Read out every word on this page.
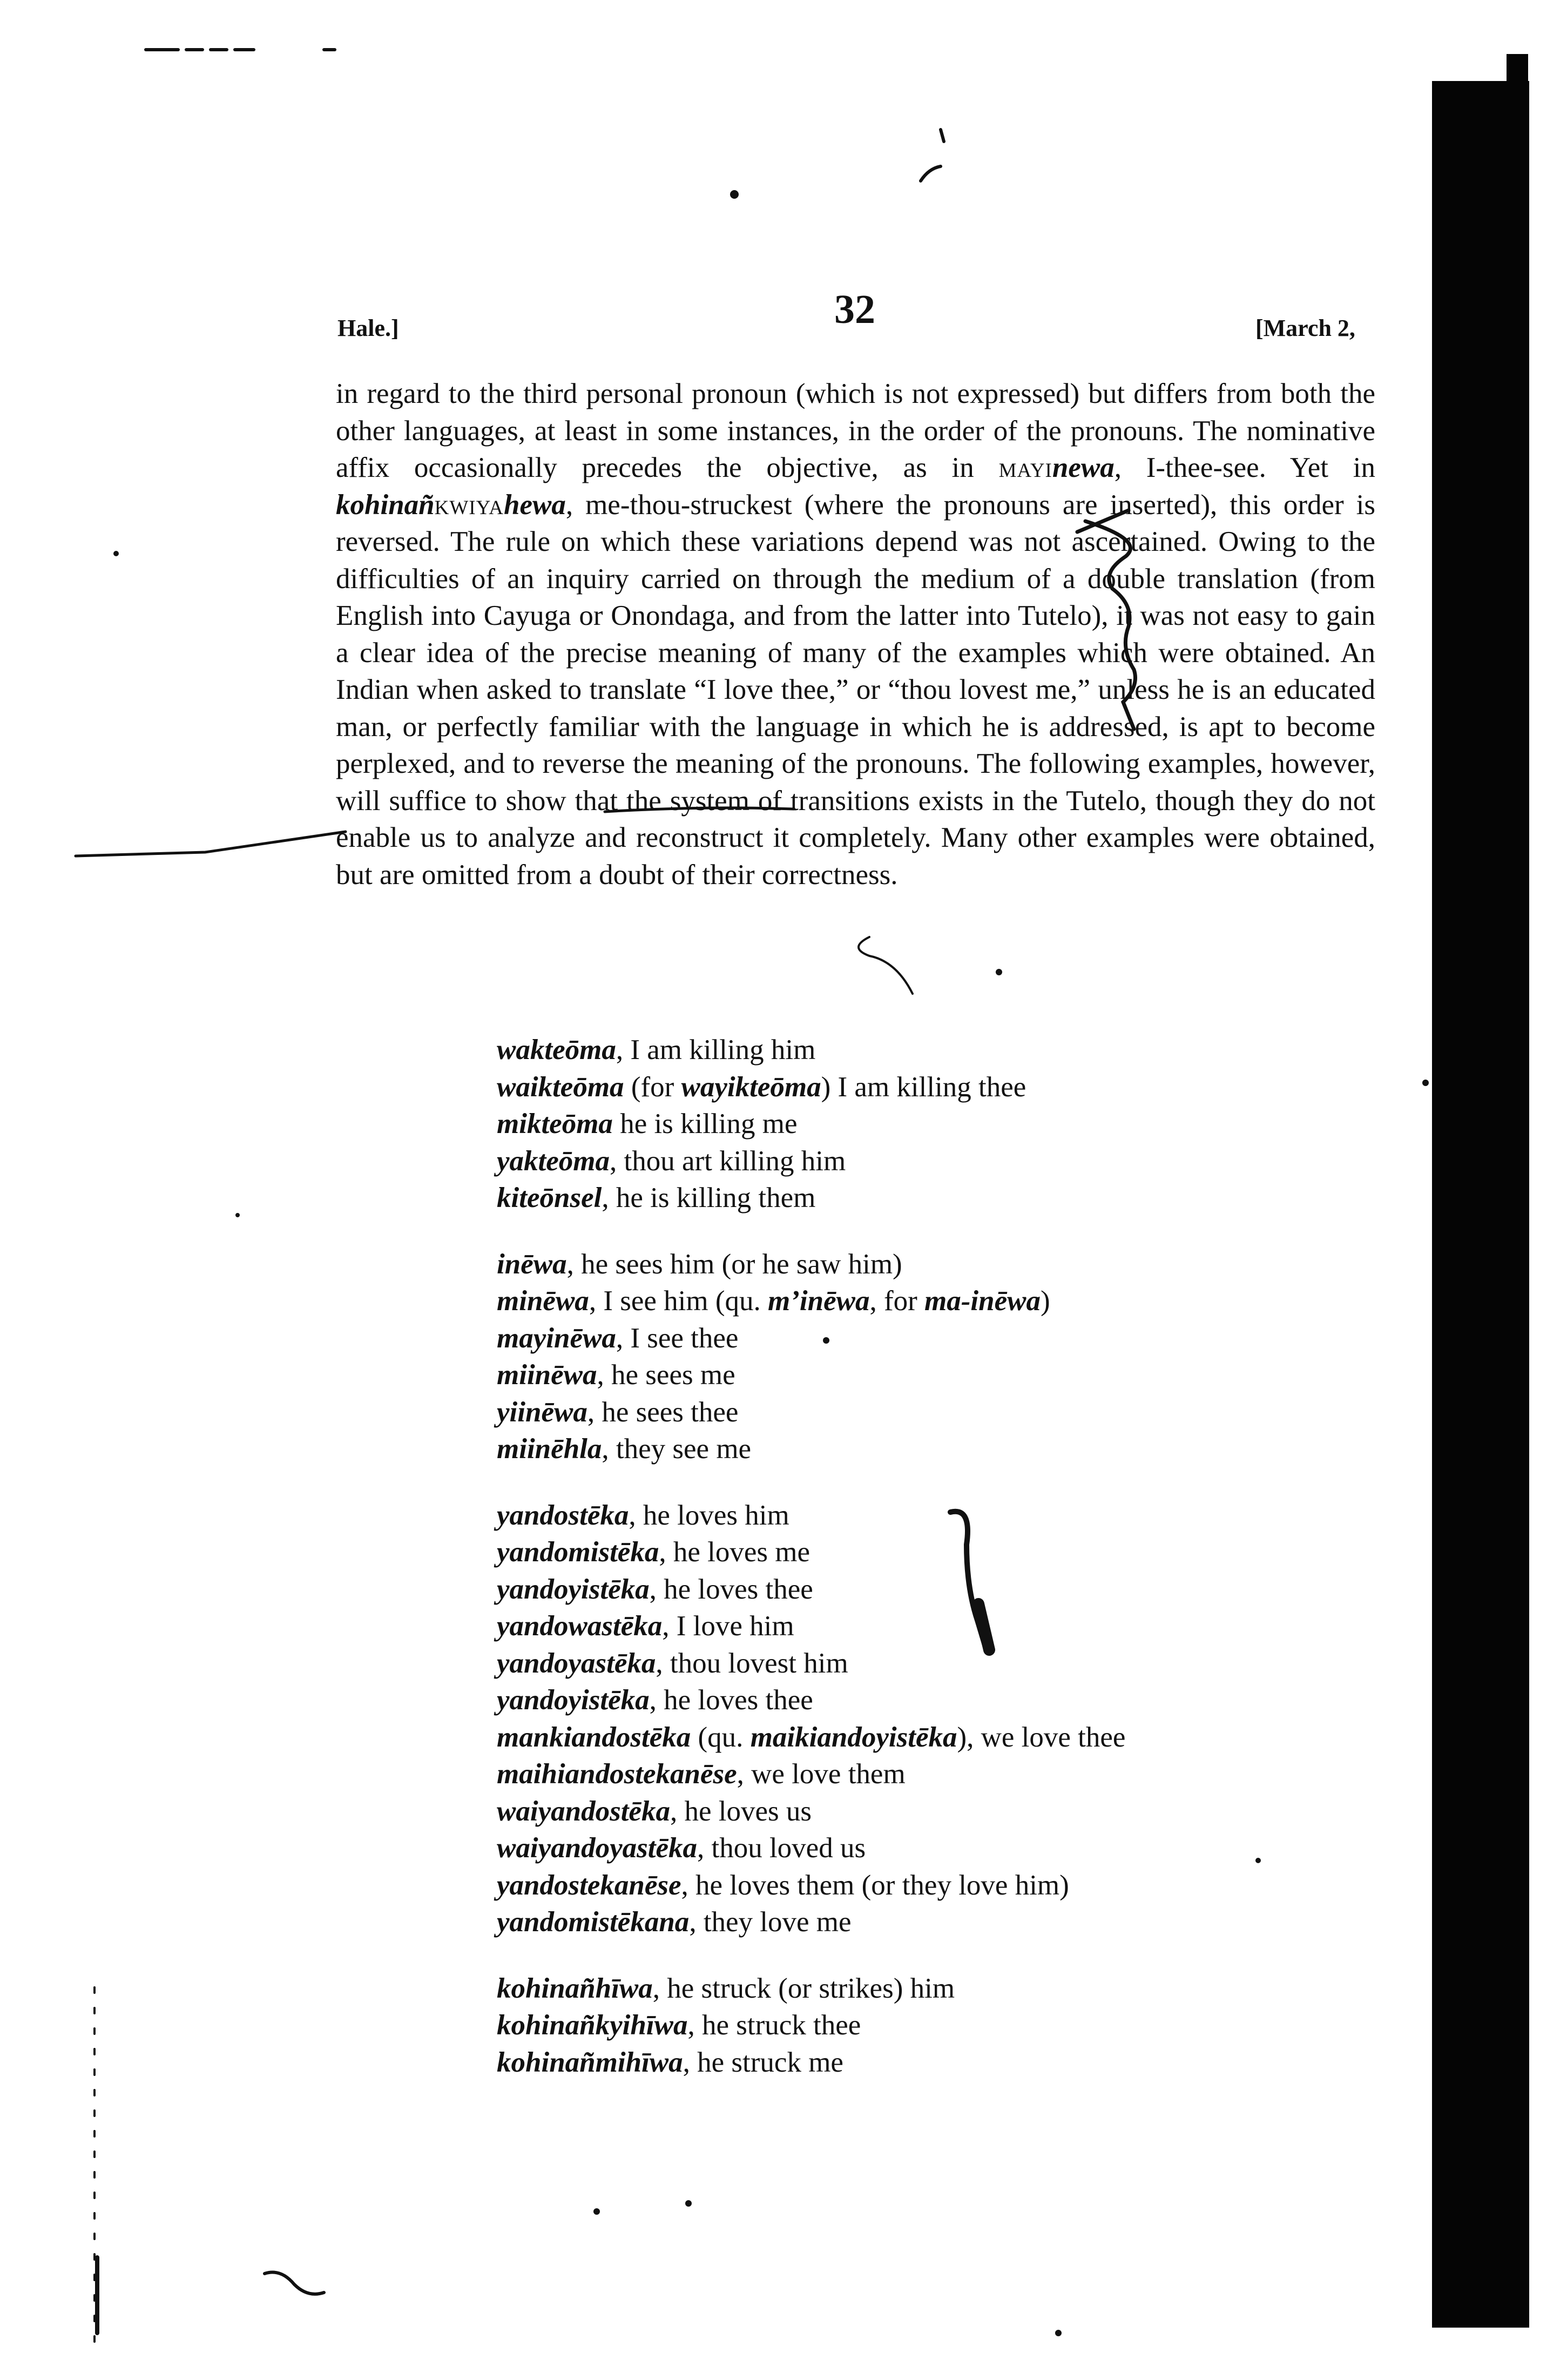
Hale.]	32	[March 2,

in regard to the third personal pronoun (which is not expressed) but differs from both the other languages, at least in some instances, in the order of the pronouns. The nominative affix occasionally precedes the objective, as in mayinewa, I-thee-see. Yet in kohinañkwiyahewa, me-thou-struckest (where the pronouns are inserted), this order is reversed. The rule on which these variations depend was not ascertained. Owing to the difficulties of an inquiry carried on through the medium of a double translation (from English into Cayuga or Onondaga, and from the latter into Tutelo), it was not easy to gain a clear idea of the precise meaning of many of the examples which were obtained. An Indian when asked to translate “I love thee,” or “thou lovest me,” unless he is an educated man, or perfectly familiar with the language in which he is addressed, is apt to become perplexed, and to reverse the meaning of the pronouns. The following examples, however, will suffice to show that the system of transitions exists in the Tutelo, though they do not enable us to analyze and reconstruct it completely. Many other examples were obtained, but are omitted from a doubt of their correctness.

wakteōma, I am killing him
waikteōma (for wayikteōma) I am killing thee
mikteōma he is killing me
yakteōma, thou art killing him
kiteōnsel, he is killing them
inēwa, he sees him (or he saw him)
minēwa, I see him (qu. m’inēwa, for ma-inēwa)
mayinēwa, I see thee
miinēwa, he sees me
yiinēwa, he sees thee
miinēhla, they see me
yandostēka, he loves him
yandomistēka, he loves me
yandoyistēka, he loves thee
yandowastēka, I love him
yandoyastēka, thou lovest him
yandoyistēka, he loves thee
mankiandostēka (qu. maikiandoyistēka), we love thee
maihiandostekanēse, we love them
waiyandostēka, he loves us
waiyandoyastēka, thou loved us
yandostekanēse, he loves them (or they love him)
yandomistēkana, they love me
kohinañhīwa, he struck (or strikes) him
kohinañkyihīwa, he struck thee
kohinañmihīwa, he struck me
